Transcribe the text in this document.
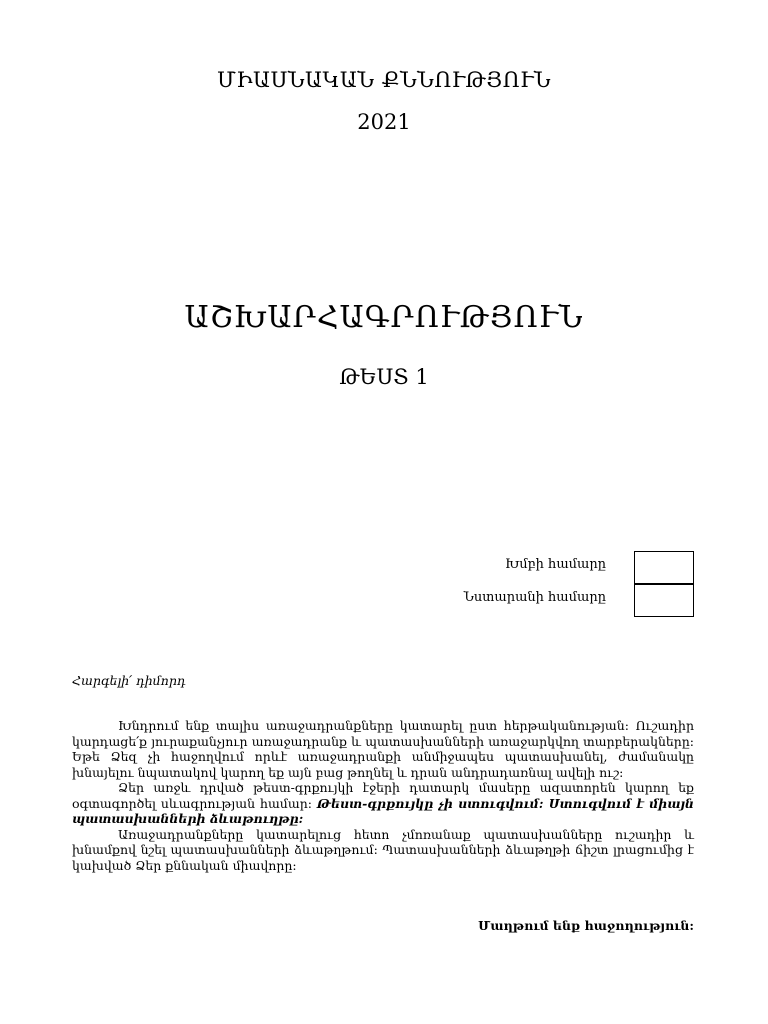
ՄԻԱՍՆԱԿԱՆ ՔՆՆՈՒԹՅՈՒՆ
2021
ԱՇԽԱՐՀԱԳՐՈՒԹՅՈՒՆ
ԹԵՍՏ 1
Խմբի համարը
Նստարանի համարը
Հարգելի՛ դիմորդ

Խնդրում ենք տալիս առաջադրանքները կատարել ըստ հերթականության: Ուշադիր կարդացե՛ք յուրաքանչյուր առաջադրանք և պատասխանների առաջարկվող տարբերակները: Եթե Ձեզ չի հաջողվում որևէ առաջադրանքի անմիջապես պատասխանել, ժամանակը խնայելու նպատակով կարող եք այն բաց թողնել և դրան անդրադառնալ ավելի ուշ:

Ձեր առջև դրված թեստ-գրքույկի էջերի դատարկ մասերը ազատորեն կարող եք օգտագործել սևագրության համար: Թեստ-գրքույկը չի ստուգվում: Ստուգվում է միայն պատասխանների ձևաթուղթը:

Առաջադրանքները կատարելուց հետո չմոռանաք պատասխանները ուշադիր և խնամքով նշել պատասխանների ձևաթղթում: Պատասխանների ձևաթղթի ճիշտ լրացումից է կախված Ձեր քննական միավորը:

Մաղթում ենք հաջողություն:
